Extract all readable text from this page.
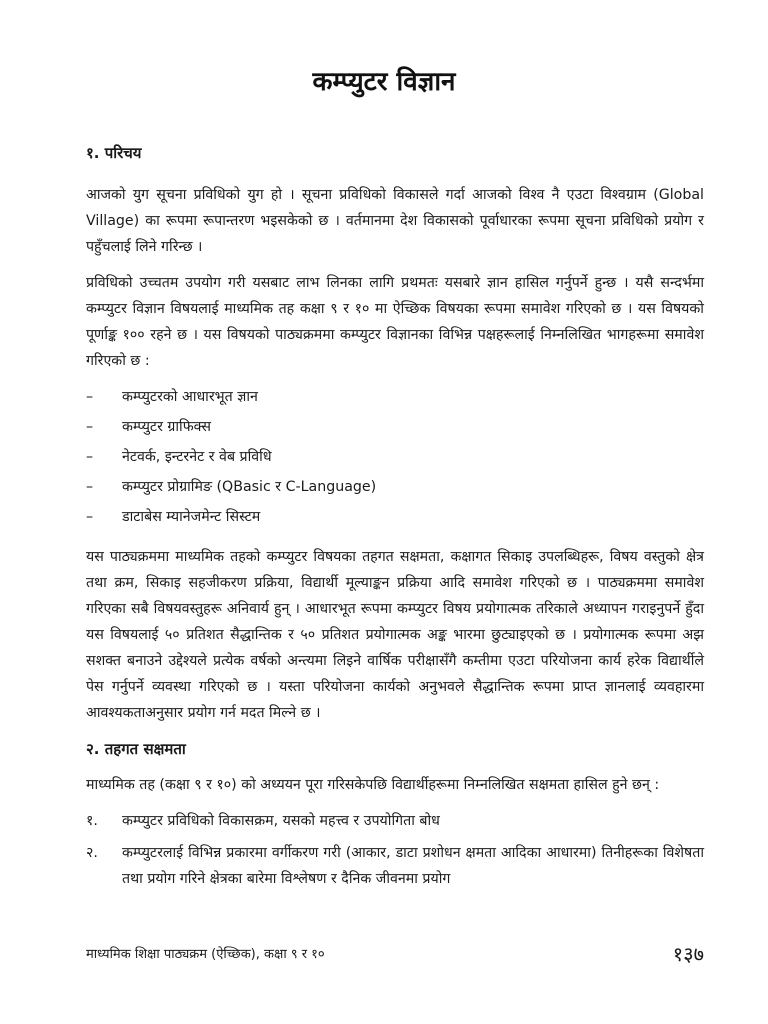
कम्प्युटर विज्ञान

१. परिचय

आजको युग सूचना प्रविधिको युग हो । सूचना प्रविधिको विकासले गर्दा आजको विश्व नै एउटा विश्वग्राम (Global Village) का रूपमा रूपान्तरण भइसकेको छ । वर्तमानमा देश विकासको पूर्वाधारका रूपमा सूचना प्रविधिको प्रयोग र पहुँचलाई लिने गरिन्छ ।

प्रविधिको उच्चतम उपयोग गरी यसबाट लाभ लिनका लागि प्रथमतः यसबारे ज्ञान हासिल गर्नुपर्ने हुन्छ । यसै सन्दर्भमा कम्प्युटर विज्ञान विषयलाई माध्यमिक तह कक्षा ९ र १० मा ऐच्छिक विषयका रूपमा समावेश गरिएको छ । यस विषयको पूर्णाङ्क १०० रहने छ । यस विषयको पाठ्यक्रममा कम्प्युटर विज्ञानका विभिन्न पक्षहरूलाई निम्नलिखित भागहरूमा समावेश गरिएको छ :

–	कम्प्युटरको आधारभूत ज्ञान
–	कम्प्युटर ग्राफिक्स
–	नेटवर्क, इन्टरनेट र वेब प्रविधि
–	कम्प्युटर प्रोग्रामिङ (QBasic र C-Language)
–	डाटाबेस म्यानेजमेन्ट सिस्टम

यस पाठ्यक्रममा माध्यमिक तहको कम्प्युटर विषयका तहगत सक्षमता, कक्षागत सिकाइ उपलब्धिहरू, विषय वस्तुको क्षेत्र तथा क्रम, सिकाइ सहजीकरण प्रक्रिया, विद्यार्थी मूल्याङ्कन प्रक्रिया आदि समावेश गरिएको छ । पाठ्यक्रममा समावेश गरिएका सबै विषयवस्तुहरू अनिवार्य हुन् । आधारभूत रूपमा कम्प्युटर विषय प्रयोगात्मक तरिकाले अध्यापन गराइनुपर्ने हुँदा यस विषयलाई ५० प्रतिशत सैद्धान्तिक र ५० प्रतिशत प्रयोगात्मक अङ्क भारमा छुट्याइएको छ । प्रयोगात्मक रूपमा अझ सशक्त बनाउने उद्देश्यले प्रत्येक वर्षको अन्त्यमा लिइने वार्षिक परीक्षासँगै कम्तीमा एउटा परियोजना कार्य हरेक विद्यार्थीले पेस गर्नुपर्ने व्यवस्था गरिएको छ । यस्ता परियोजना कार्यको अनुभवले सैद्धान्तिक रूपमा प्राप्त ज्ञानलाई व्यवहारमा आवश्यकताअनुसार प्रयोग गर्न मदत मिल्ने छ ।

२. तहगत सक्षमता

माध्यमिक तह (कक्षा ९ र १०) को अध्ययन पूरा गरिसकेपछि विद्यार्थीहरूमा निम्नलिखित सक्षमता हासिल हुने छन् :

१.	कम्प्युटर प्रविधिको विकासक्रम, यसको महत्त्व र उपयोगिता बोध
२.	कम्प्युटरलाई विभिन्न प्रकारमा वर्गीकरण गरी (आकार, डाटा प्रशोधन क्षमता आदिका आधारमा) तिनीहरूका विशेषता तथा प्रयोग गरिने क्षेत्रका बारेमा विश्लेषण र दैनिक जीवनमा प्रयोग
माध्यमिक शिक्षा पाठ्यक्रम (ऐच्छिक), कक्षा ९ र १०	१३७
